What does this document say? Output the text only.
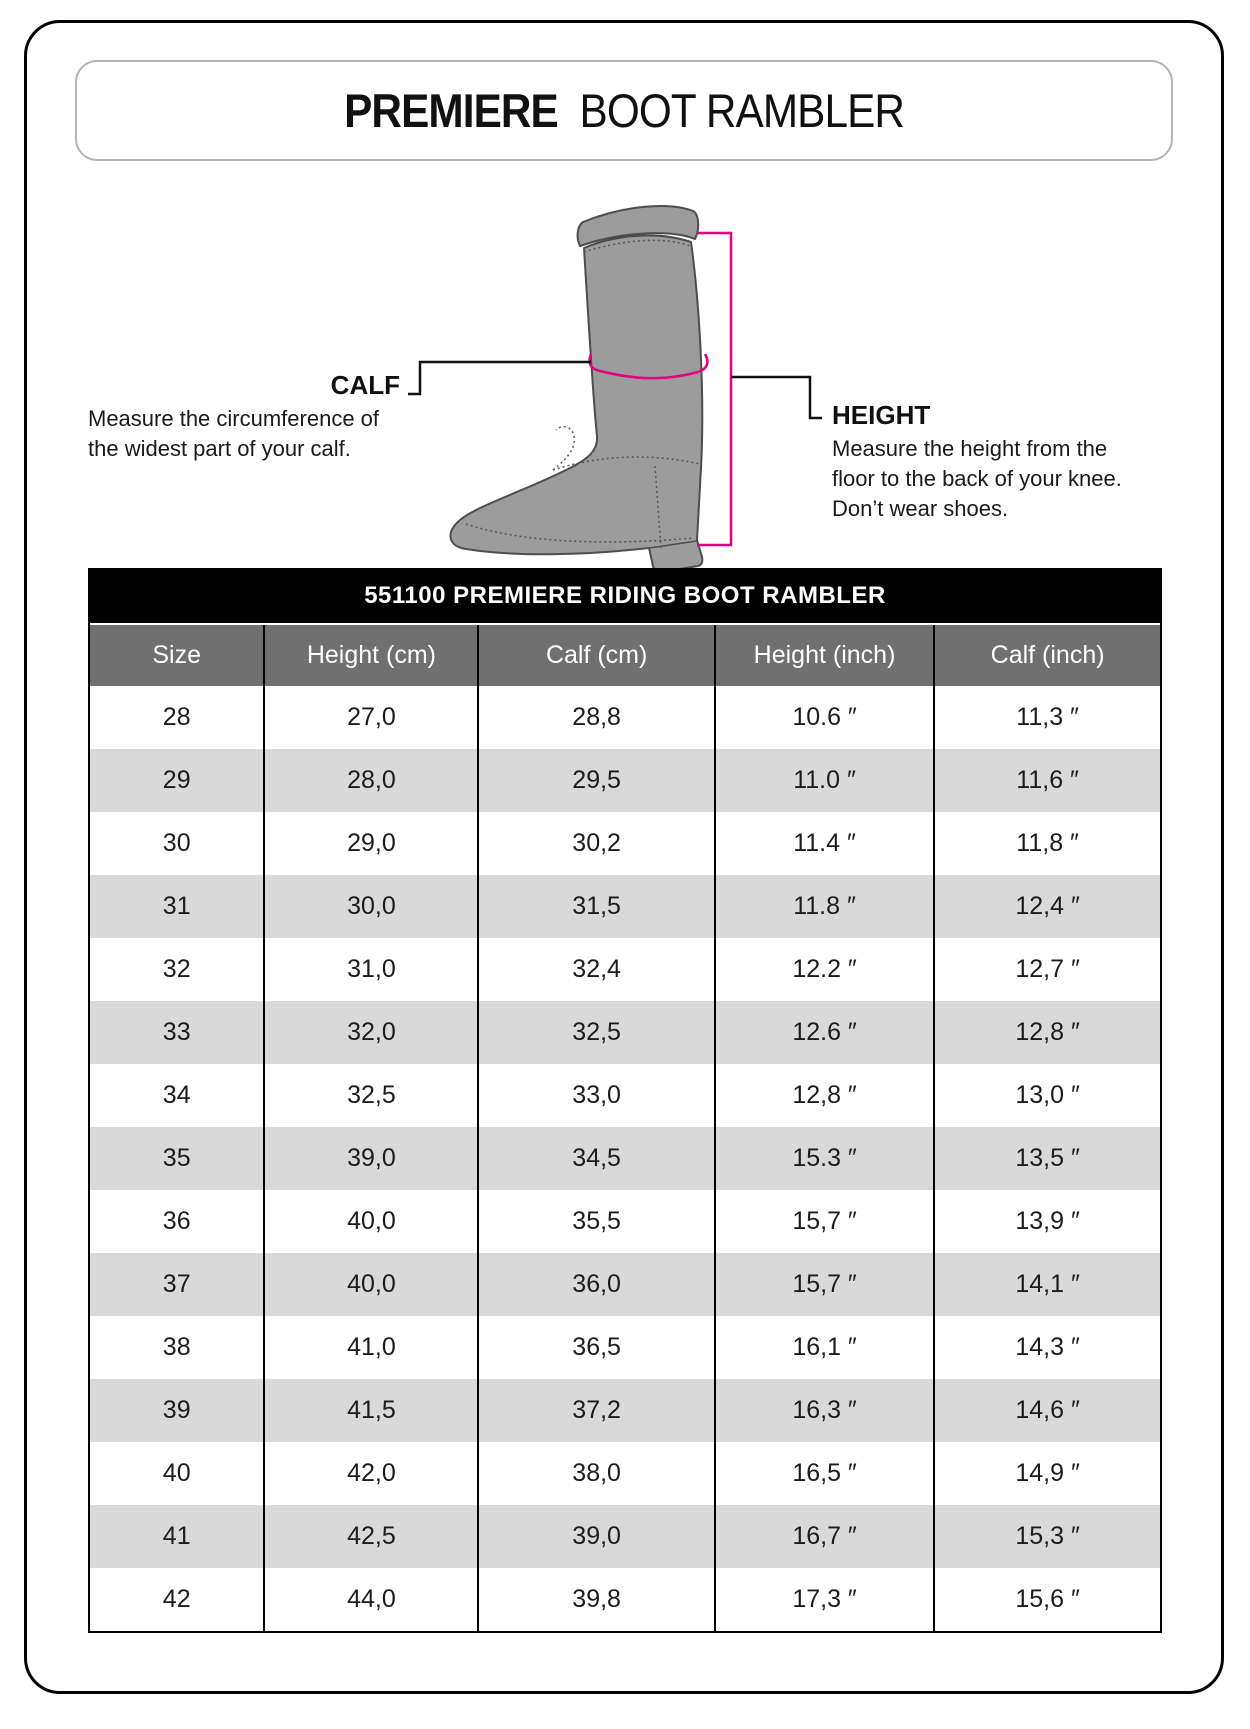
PREMIERE BOOT RAMBLER
CALF
Measure the circumference of the widest part of your calf.
HEIGHT
Measure the height from the floor to the back of your knee. Don’t wear shoes.
551100 PREMIERE RIDING BOOT RAMBLER
Size	Height (cm)	Calf (cm)	Height (inch)	Calf (inch)
28	27,0	28,8	10.6 ″	11,3 ″
29	28,0	29,5	11.0 ″	11,6 ″
30	29,0	30,2	11.4 ″	11,8 ″
31	30,0	31,5	11.8 ″	12,4 ″
32	31,0	32,4	12.2 ″	12,7 ″
33	32,0	32,5	12.6 ″	12,8 ″
34	32,5	33,0	12,8 ″	13,0 ″
35	39,0	34,5	15.3 ″	13,5 ″
36	40,0	35,5	15,7 ″	13,9 ″
37	40,0	36,0	15,7 ″	14,1 ″
38	41,0	36,5	16,1 ″	14,3 ″
39	41,5	37,2	16,3 ″	14,6 ″
40	42,0	38,0	16,5 ″	14,9 ″
41	42,5	39,0	16,7 ″	15,3 ″
42	44,0	39,8	17,3 ″	15,6 ″
